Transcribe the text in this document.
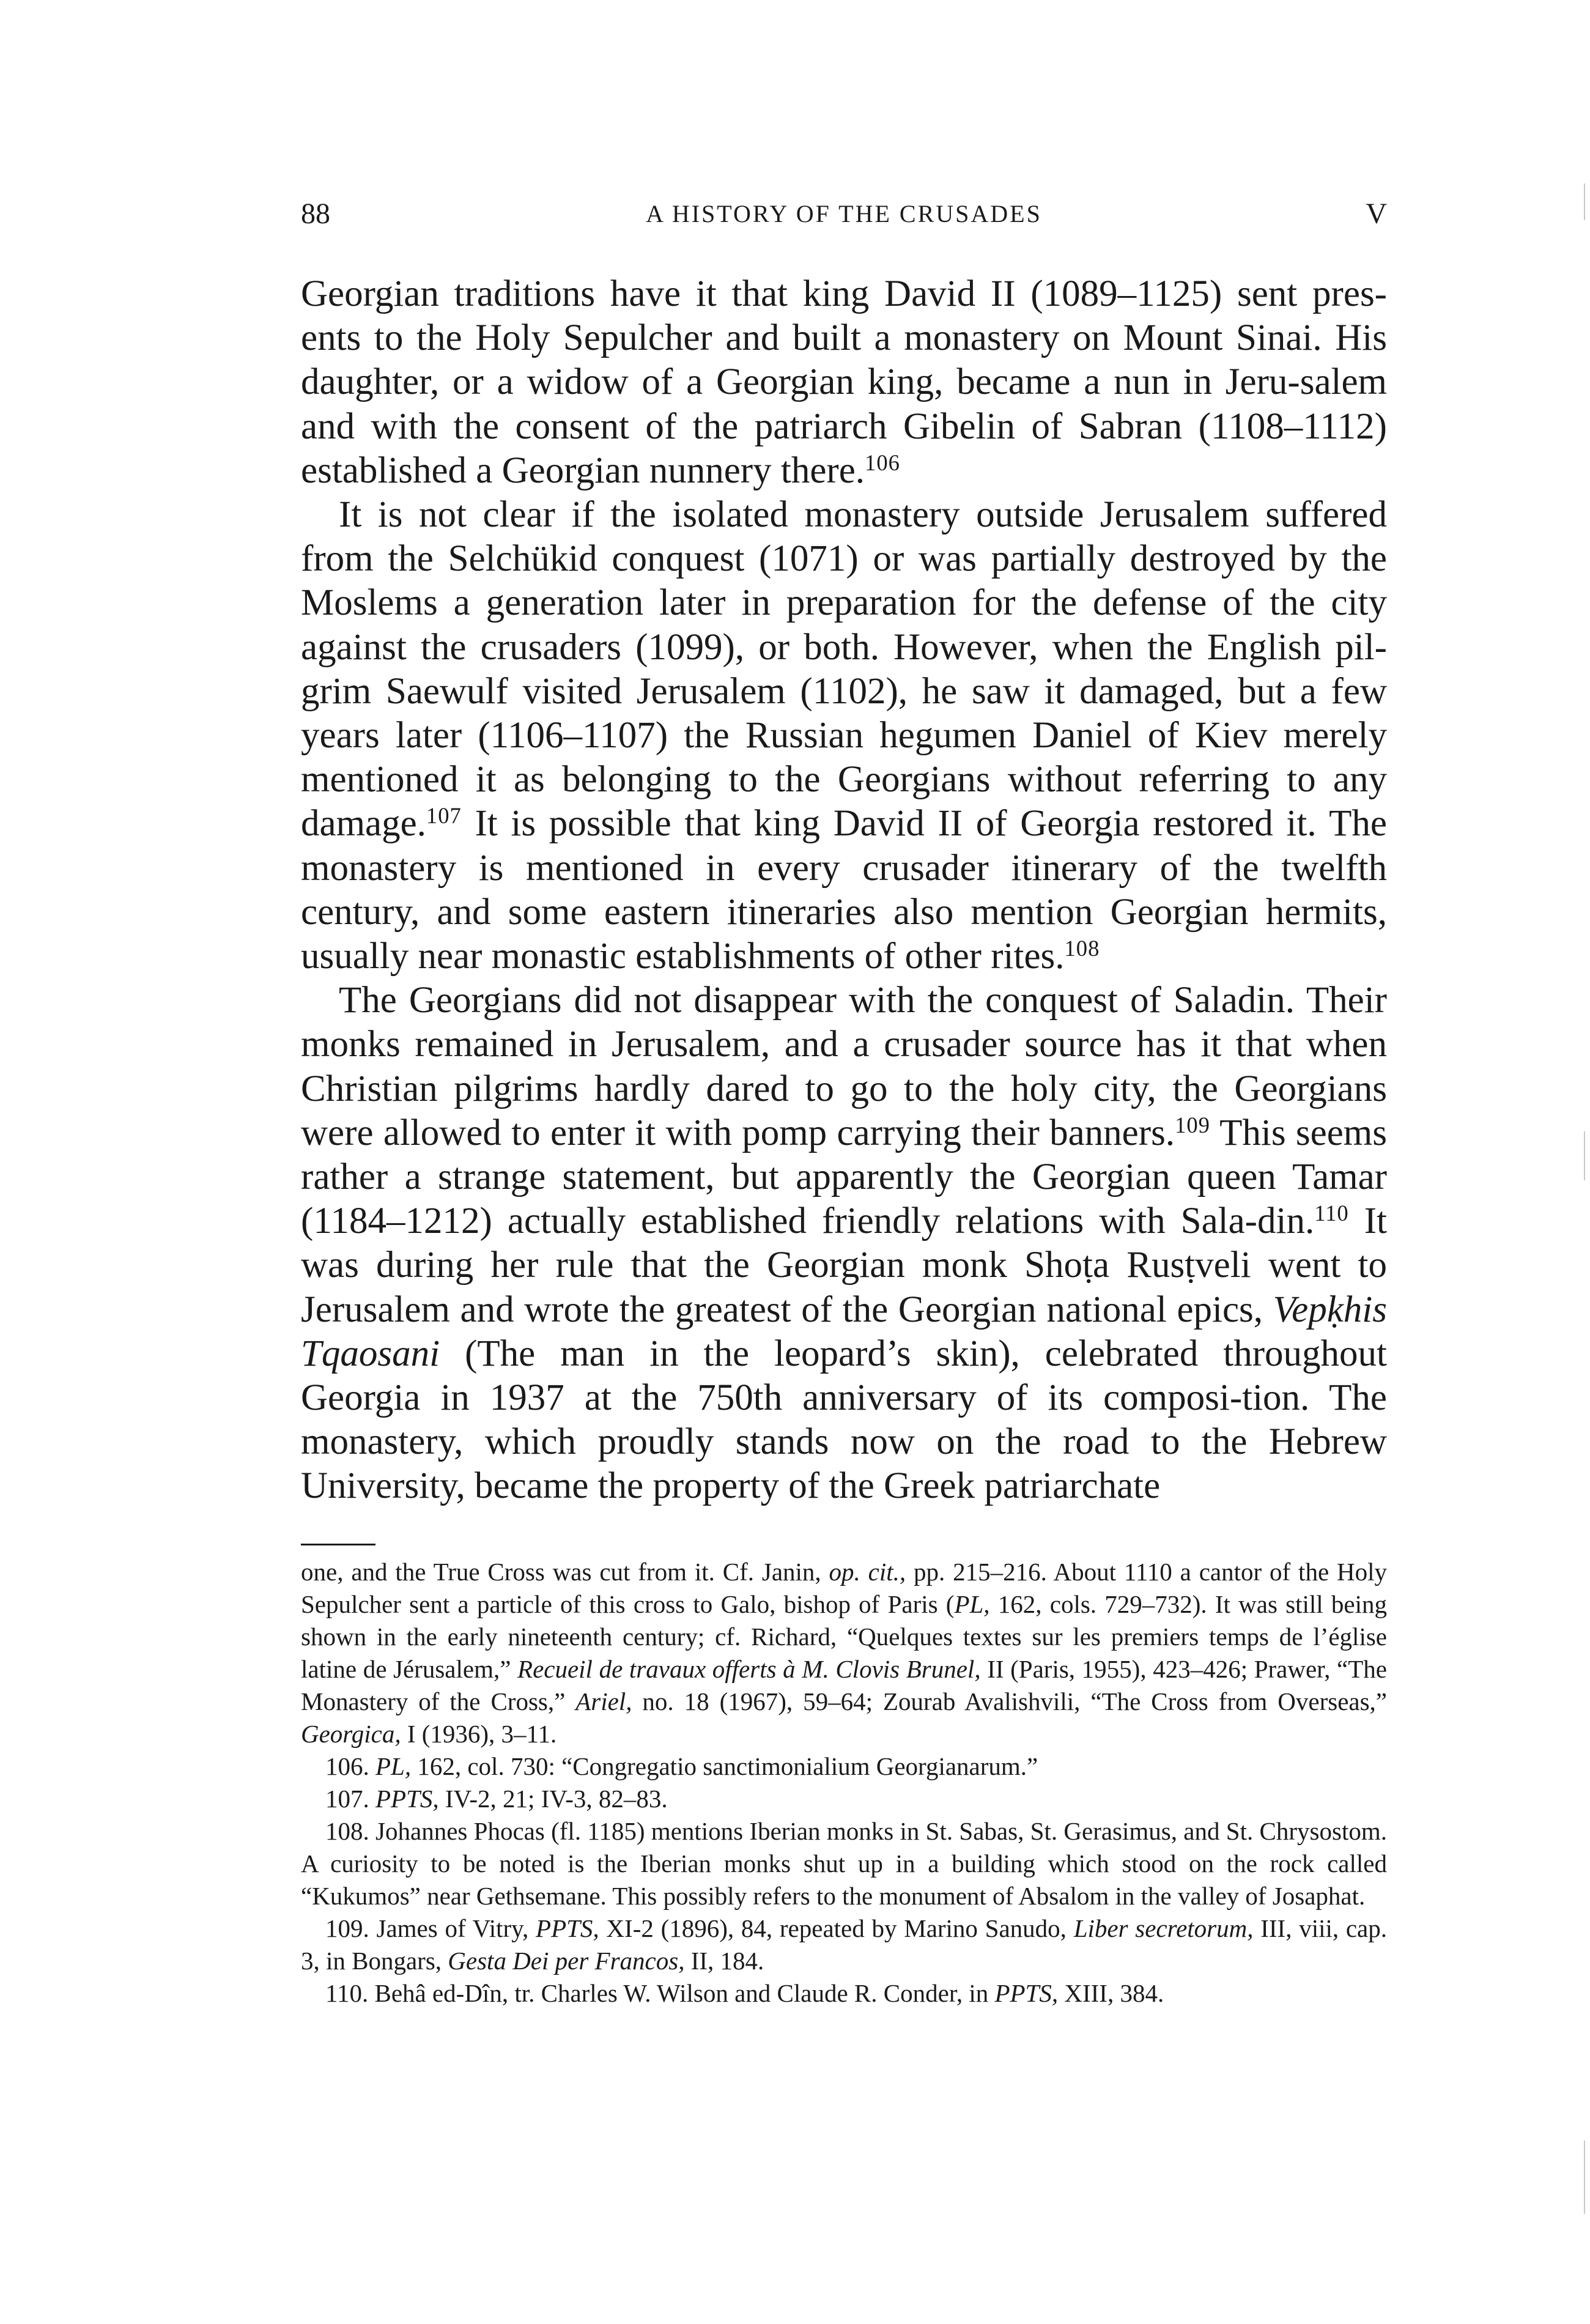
88	A HISTORY OF THE CRUSADES	V

Georgian traditions have it that king David II (1089–1125) sent pres-ents to the Holy Sepulcher and built a monastery on Mount Sinai. His daughter, or a widow of a Georgian king, became a nun in Jeru-salem and with the consent of the patriarch Gibelin of Sabran (1108–1112) established a Georgian nunnery there.$^{106}$

It is not clear if the isolated monastery outside Jerusalem suffered from the Selchükid conquest (1071) or was partially destroyed by the Moslems a generation later in preparation for the defense of the city against the crusaders (1099), or both. However, when the English pil-grim Saewulf visited Jerusalem (1102), he saw it damaged, but a few years later (1106–1107) the Russian hegumen Daniel of Kiev merely mentioned it as belonging to the Georgians without referring to any damage.$^{107}$ It is possible that king David II of Georgia restored it. The monastery is mentioned in every crusader itinerary of the twelfth century, and some eastern itineraries also mention Georgian hermits, usually near monastic establishments of other rites.$^{108}$

The Georgians did not disappear with the conquest of Saladin. Their monks remained in Jerusalem, and a crusader source has it that when Christian pilgrims hardly dared to go to the holy city, the Georgians were allowed to enter it with pomp carrying their banners.$^{109}$ This seems rather a strange statement, but apparently the Georgian queen Tamar (1184–1212) actually established friendly relations with Sala-din.$^{110}$ It was during her rule that the Georgian monk Shoṭa Rusṭveli went to Jerusalem and wrote the greatest of the Georgian national epics, Vepḳhis Tqaosani (The man in the leopard’s skin), celebrated throughout Georgia in 1937 at the 750th anniversary of its composi-tion. The monastery, which proudly stands now on the road to the Hebrew University, became the property of the Greek patriarchate

one, and the True Cross was cut from it. Cf. Janin, op. cit., pp. 215–216. About 1110 a cantor of the Holy Sepulcher sent a particle of this cross to Galo, bishop of Paris (PL, 162, cols. 729–732). It was still being shown in the early nineteenth century; cf. Richard, “Quelques textes sur les premiers temps de l’église latine de Jérusalem,” Recueil de travaux offerts à M. Clovis Brunel, II (Paris, 1955), 423–426; Prawer, “The Monastery of the Cross,” Ariel, no. 18 (1967), 59–64; Zourab Avalishvili, “The Cross from Overseas,” Georgica, I (1936), 3–11.

106. PL, 162, col. 730: “Congregatio sanctimonialium Georgianarum.”

107. PPTS, IV-2, 21; IV-3, 82–83.

108. Johannes Phocas (fl. 1185) mentions Iberian monks in St. Sabas, St. Gerasimus, and St. Chrysostom. A curiosity to be noted is the Iberian monks shut up in a building which stood on the rock called “Kukumos” near Gethsemane. This possibly refers to the monument of Absalom in the valley of Josaphat.

109. James of Vitry, PPTS, XI-2 (1896), 84, repeated by Marino Sanudo, Liber secretorum, III, viii, cap. 3, in Bongars, Gesta Dei per Francos, II, 184.

110. Behâ ed-Dîn, tr. Charles W. Wilson and Claude R. Conder, in PPTS, XIII, 384.
